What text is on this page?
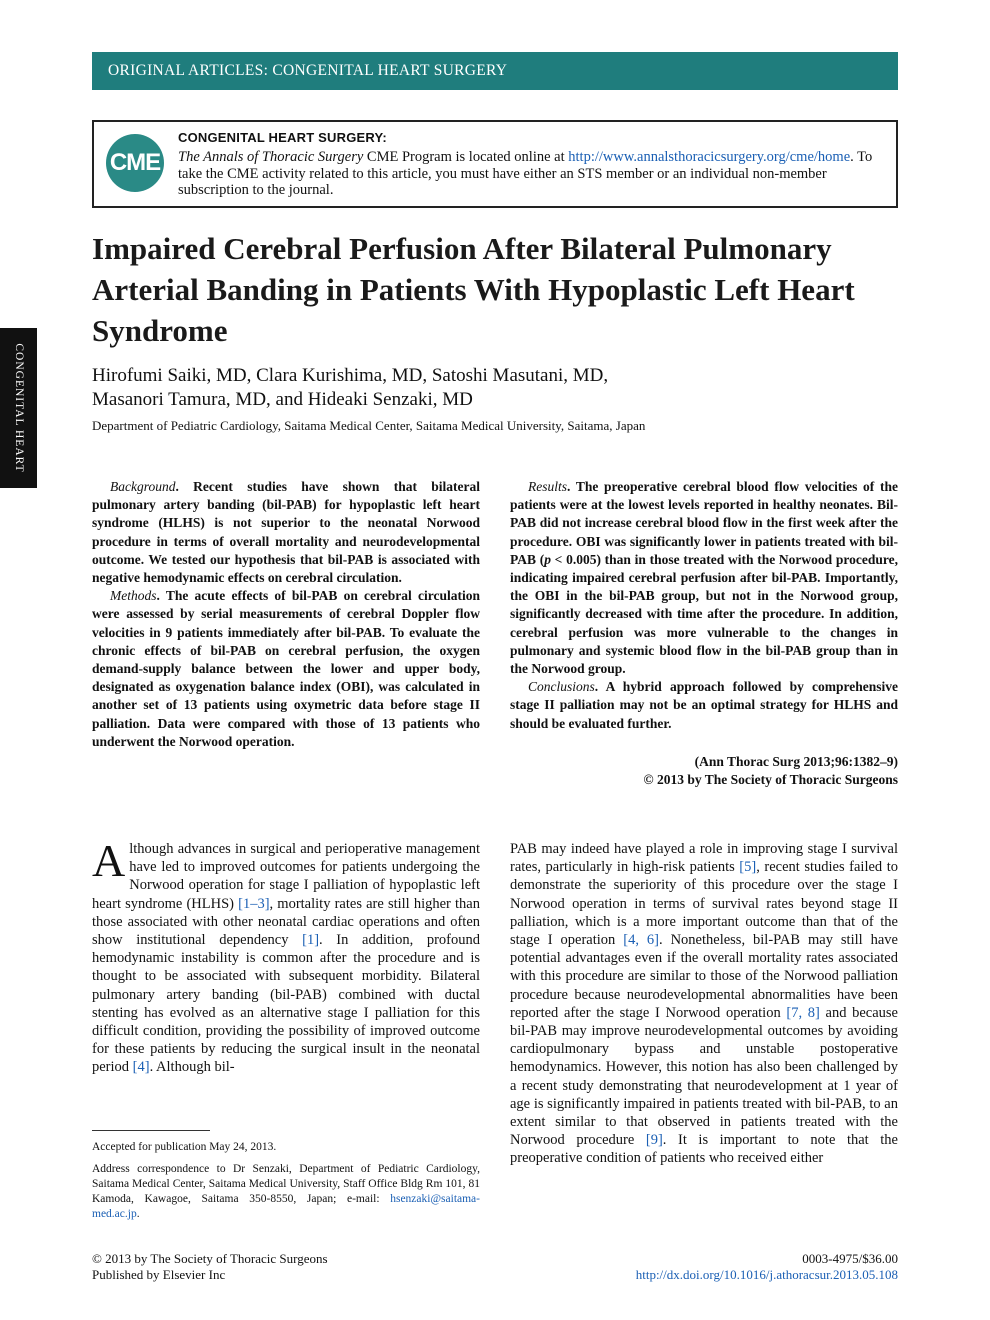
ORIGINAL ARTICLES: CONGENITAL HEART SURGERY
CME
CONGENITAL HEART SURGERY:
The Annals of Thoracic Surgery CME Program is located online at http://www.annalsthoracicsurgery.org/cme/home. To take the CME activity related to this article, you must have either an STS member or an individual non-member subscription to the journal.
CONGENITAL HEART
Impaired Cerebral Perfusion After Bilateral Pulmonary Arterial Banding in Patients With Hypoplastic Left Heart Syndrome
Hirofumi Saiki, MD, Clara Kurishima, MD, Satoshi Masutani, MD,
Masanori Tamura, MD, and Hideaki Senzaki, MD
Department of Pediatric Cardiology, Saitama Medical Center, Saitama Medical University, Saitama, Japan

Background. Recent studies have shown that bilateral pulmonary artery banding (bil-PAB) for hypoplastic left heart syndrome (HLHS) is not superior to the neonatal Norwood procedure in terms of overall mortality and neurodevelopmental outcome. We tested our hypothesis that bil-PAB is associated with negative hemodynamic effects on cerebral circulation.

Methods. The acute effects of bil-PAB on cerebral circulation were assessed by serial measurements of cerebral Doppler flow velocities in 9 patients immediately after bil-PAB. To evaluate the chronic effects of bil-PAB on cerebral perfusion, the oxygen demand-supply balance between the lower and upper body, designated as oxygenation balance index (OBI), was calculated in another set of 13 patients using oxymetric data before stage II palliation. Data were compared with those of 13 patients who underwent the Norwood operation.

Results. The preoperative cerebral blood flow velocities of the patients were at the lowest levels reported in healthy neonates. Bil-PAB did not increase cerebral blood flow in the first week after the procedure. OBI was significantly lower in patients treated with bil-PAB (p < 0.005) than in those treated with the Norwood procedure, indicating impaired cerebral perfusion after bil-PAB. Importantly, the OBI in the bil-PAB group, but not in the Norwood group, significantly decreased with time after the procedure. In addition, cerebral perfusion was more vulnerable to the changes in pulmonary and systemic blood flow in the bil-PAB group than in the Norwood group.

Conclusions. A hybrid approach followed by comprehensive stage II palliation may not be an optimal strategy for HLHS and should be evaluated further.

(Ann Thorac Surg 2013;96:1382–9)
© 2013 by The Society of Thoracic Surgeons

Although advances in surgical and perioperative management have led to improved outcomes for patients undergoing the Norwood operation for stage I palliation of hypoplastic left heart syndrome (HLHS) [1–3], mortality rates are still higher than those associated with other neonatal cardiac operations and often show institutional dependency [1]. In addition, profound hemodynamic instability is common after the procedure and is thought to be associated with subsequent morbidity. Bilateral pulmonary artery banding (bil-PAB) combined with ductal stenting has evolved as an alternative stage I palliation for this difficult condition, providing the possibility of improved outcome for these patients by reducing the surgical insult in the neonatal period [4]. Although bil-

PAB may indeed have played a role in improving stage I survival rates, particularly in high-risk patients [5], recent studies failed to demonstrate the superiority of this procedure over the stage I Norwood operation in terms of survival rates beyond stage II palliation, which is a more important outcome than that of the stage I operation [4, 6]. Nonetheless, bil-PAB may still have potential advantages even if the overall mortality rates associated with this procedure are similar to those of the Norwood palliation procedure because neurodevelopmental abnormalities have been reported after the stage I Norwood operation [7, 8] and because bil-PAB may improve neurodevelopmental outcomes by avoiding cardiopulmonary bypass and unstable postoperative hemodynamics. However, this notion has also been challenged by a recent study demonstrating that neurodevelopment at 1 year of age is significantly impaired in patients treated with bil-PAB, to an extent similar to that observed in patients treated with the Norwood procedure [9]. It is important to note that the preoperative condition of patients who received either

Accepted for publication May 24, 2013.
Address correspondence to Dr Senzaki, Department of Pediatric Cardiology, Saitama Medical Center, Saitama Medical University, Staff Office Bldg Rm 101, 81 Kamoda, Kawagoe, Saitama 350-8550, Japan; e-mail: hsenzaki@saitama-med.ac.jp.
© 2013 by The Society of Thoracic Surgeons
Published by Elsevier Inc
0003-4975/$36.00
http://dx.doi.org/10.1016/j.athoracsur.2013.05.108
